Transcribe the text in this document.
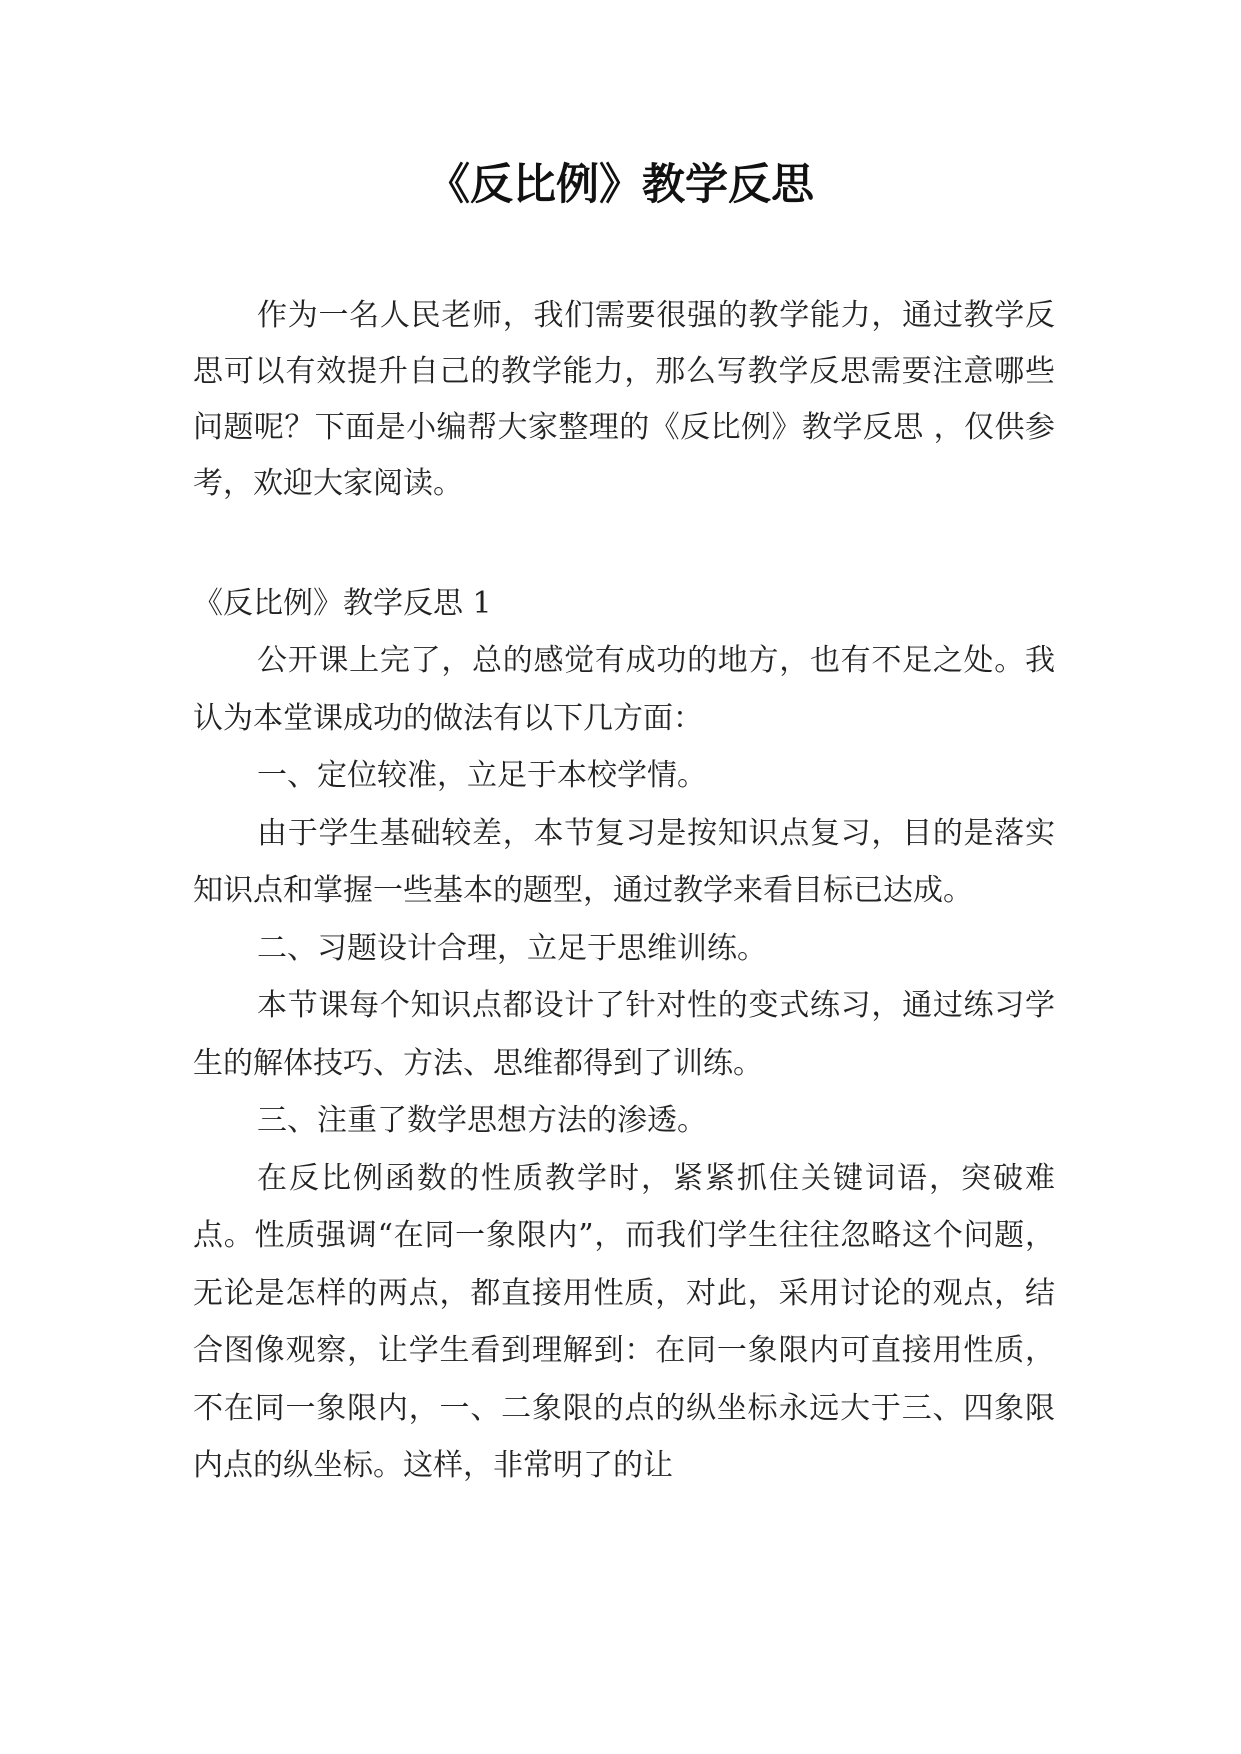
《反比例》教学反思

作为一名人民老师，我们需要很强的教学能力，通过教学反思可以有效提升自己的教学能力，那么写教学反思需要注意哪些问题呢？下面是小编帮大家整理的《反比例》教学反思 ，仅供参考，欢迎大家阅读。

《反比例》教学反思 1

公开课上完了，总的感觉有成功的地方，也有不足之处。我认为本堂课成功的做法有以下几方面：

一、定位较准，立足于本校学情。

由于学生基础较差，本节复习是按知识点复习，目的是落实知识点和掌握一些基本的题型，通过教学来看目标已达成。

二、习题设计合理，立足于思维训练。

本节课每个知识点都设计了针对性的变式练习，通过练习学生的解体技巧、方法、思维都得到了训练。

三、注重了数学思想方法的渗透。

在反比例函数的性质教学时，紧紧抓住关键词语，突破难点。性质强调“在同一象限内”，而我们学生往往忽略这个问题，无论是怎样的两点，都直接用性质，对此，采用讨论的观点，结合图像观察，让学生看到理解到：在同一象限内可直接用性质，不在同一象限内，一、二象限的点的纵坐标永远大于三、四象限内点的纵坐标。这样，非常明了的让
